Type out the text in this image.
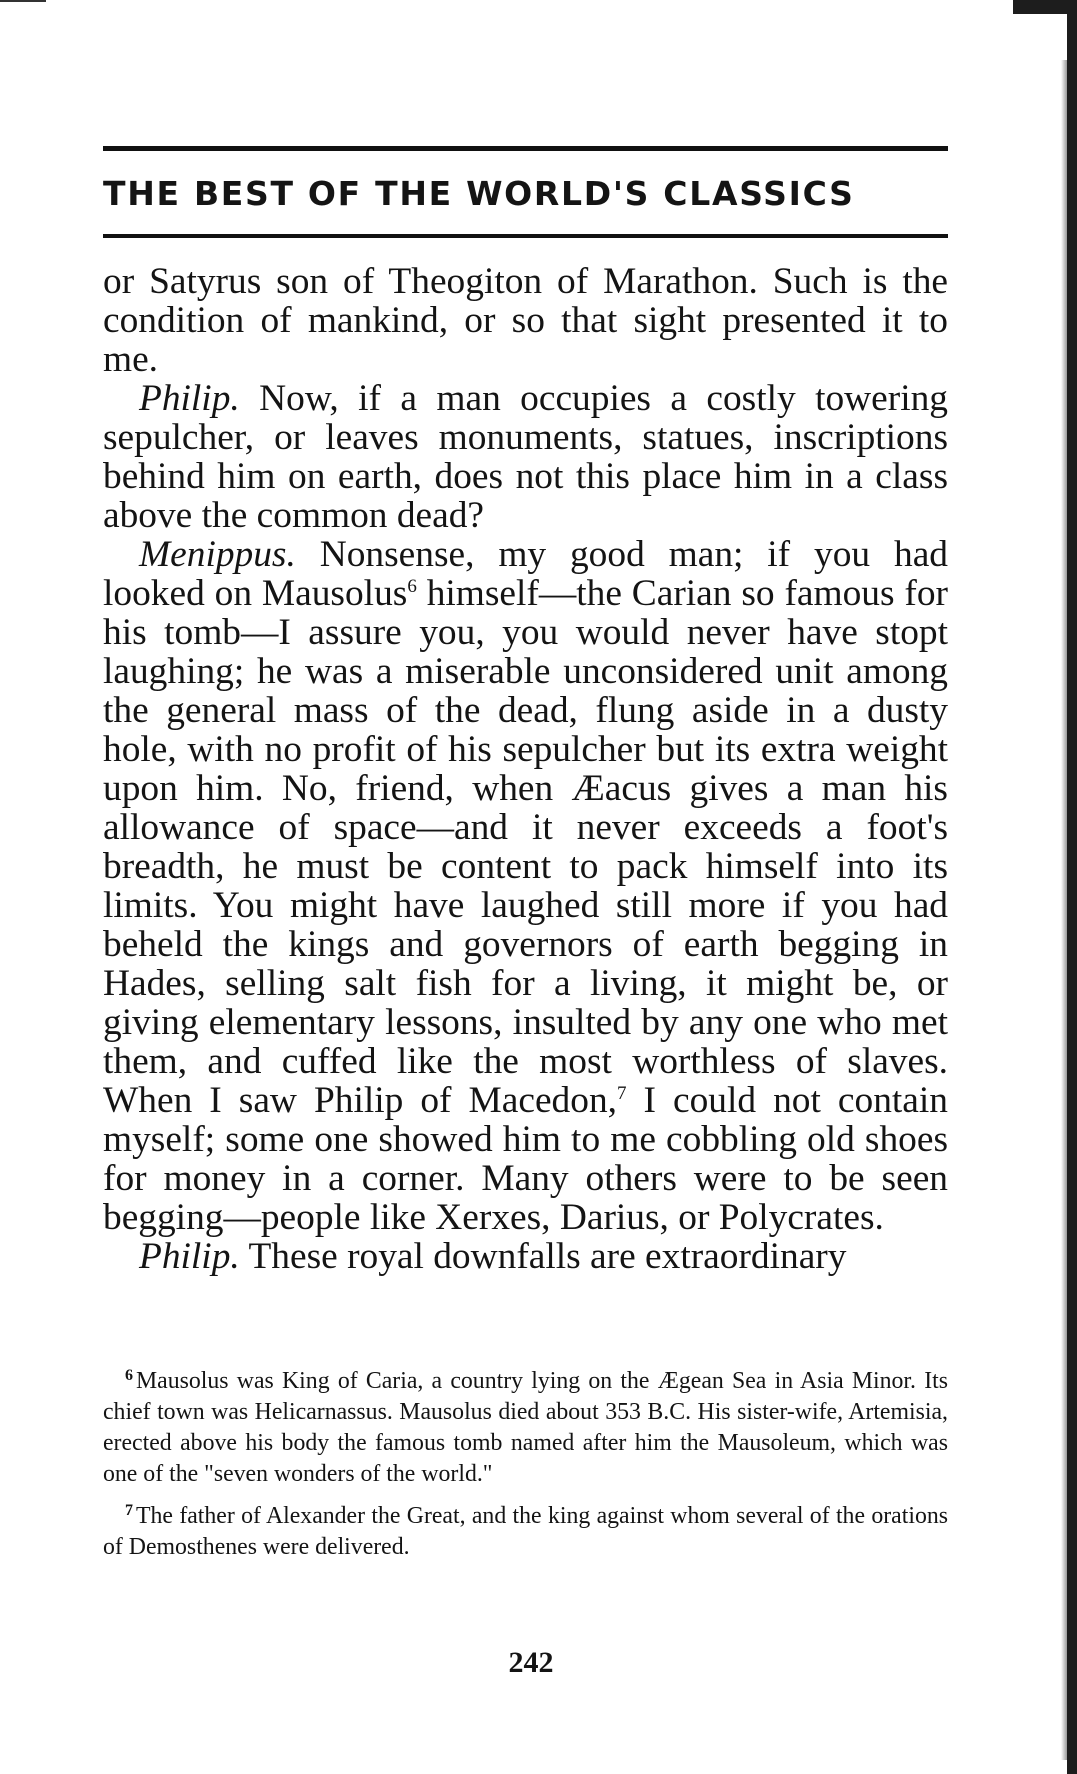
THE BEST OF THE WORLD'S CLASSICS

or Satyrus son of Theogiton of Marathon. Such is the condition of mankind, or so that sight presented it to me.

Philip. Now, if a man occupies a costly towering sepulcher, or leaves monuments, statues, inscriptions behind him on earth, does not this place him in a class above the common dead?

Menippus. Nonsense, my good man; if you had looked on Mausolus$^6$ himself—the Carian so famous for his tomb—I assure you, you would never have stopt laughing; he was a miserable unconsidered unit among the general mass of the dead, flung aside in a dusty hole, with no profit of his sepulcher but its extra weight upon him. No, friend, when Æacus gives a man his allowance of space—and it never exceeds a foot's breadth, he must be content to pack himself into its limits. You might have laughed still more if you had beheld the kings and governors of earth begging in Hades, selling salt fish for a living, it might be, or giving elementary lessons, insulted by any one who met them, and cuffed like the most worthless of slaves. When I saw Philip of Macedon,$^7$ I could not contain myself; some one showed him to me cobbling old shoes for money in a corner. Many others were to be seen begging—people like Xerxes, Darius, or Polycrates.

Philip. These royal downfalls are extraordinary

$^6$ Mausolus was King of Caria, a country lying on the Ægean Sea in Asia Minor. Its chief town was Helicarnassus. Mausolus died about 353 B.C. His sister-wife, Artemisia, erected above his body the famous tomb named after him the Mausoleum, which was one of the "seven wonders of the world."

$^7$ The father of Alexander the Great, and the king against whom several of the orations of Demosthenes were delivered.

242
